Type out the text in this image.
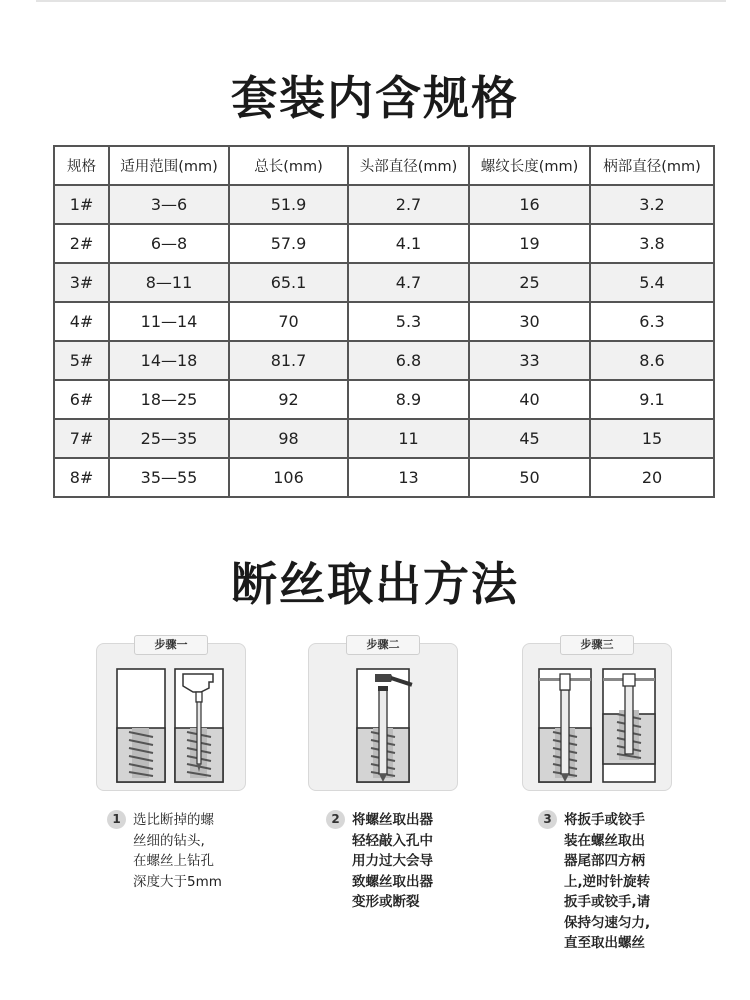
套装内含规格
规格	适用范围(mm)	总长(mm)	头部直径(mm)	螺纹长度(mm)	柄部直径(mm)
1#	3—6	51.9	2.7	16	3.2
2#	6—8	57.9	4.1	19	3.8
3#	8—11	65.1	4.7	25	5.4
4#	11—14	70	5.3	30	6.3
5#	14—18	81.7	6.8	33	8.6
6#	18—25	92	8.9	40	9.1
7#	25—35	98	11	45	15
8#	35—55	106	13	50	20
断丝取出方法
步骤一	步骤二	步骤三
1 选比断掉的螺
丝细的钻头,
在螺丝上钻孔
深度大于5mm
2 将螺丝取出器
轻轻敲入孔中
用力过大会导
致螺丝取出器
变形或断裂
3 将扳手或铰手
装在螺丝取出
器尾部四方柄
上,逆时针旋转
扳手或铰手,请
保持匀速匀力,
直至取出螺丝
